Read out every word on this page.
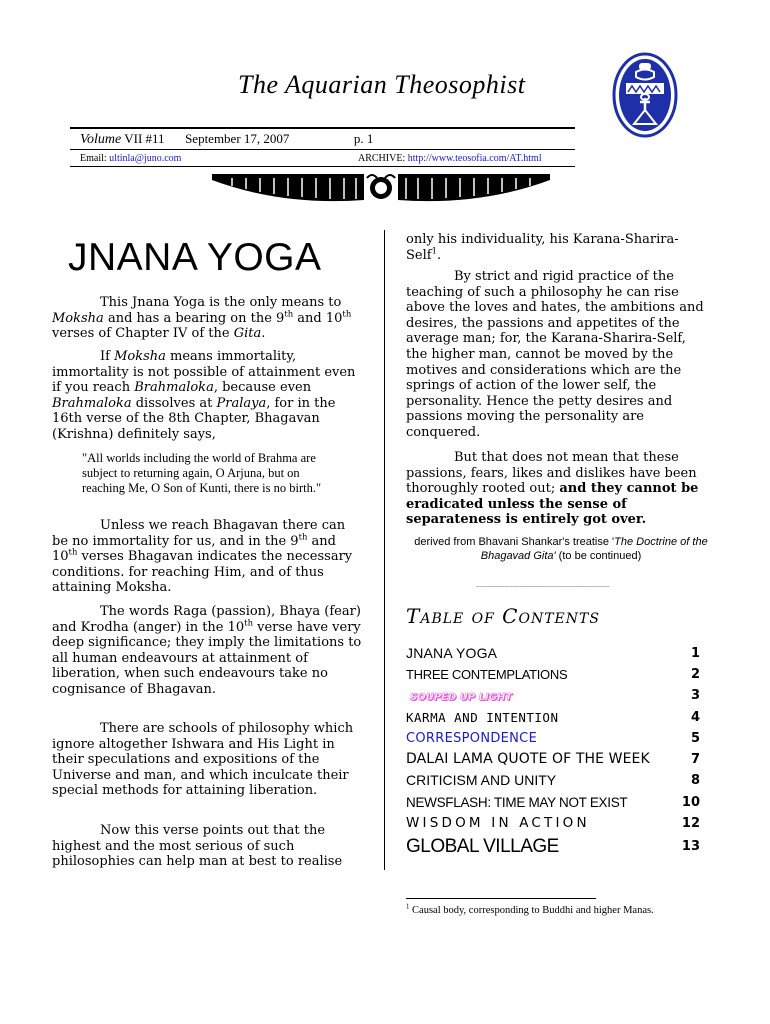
The Aquarian Theosophist
Volume VII #11 September 17, 2007	p. 1
Email: ultinla@juno.com	ARCHIVE: http://www.teosofia.com/AT.html
JNANA YOGA

This Jnana Yoga is the only means to Moksha and has a bearing on the 9th and 10th verses of Chapter IV of the Gita.

If Moksha means immortality, immortality is not possible of attainment even if you reach Brahmaloka, because even Brahmaloka dissolves at Pralaya, for in the 16th verse of the 8th Chapter, Bhagavan (Krishna) definitely says,

"All worlds including the world of Brahma are subject to returning again, O Arjuna, but on reaching Me, O Son of Kunti, there is no birth."

Unless we reach Bhagavan there can be no immortality for us, and in the 9th and 10th verses Bhagavan indicates the necessary conditions. for reaching Him, and of thus attaining Moksha.

The words Raga (passion), Bhaya (fear) and Krodha (anger) in the 10th verse have very deep significance; they imply the limitations to all human endeavours at attainment of liberation, when such endeavours take no cognisance of Bhagavan.

There are schools of philosophy which ignore altogether Ishwara and His Light in their speculations and expositions of the Universe and man, and which inculcate their special methods for attaining liberation.

Now this verse points out that the highest and the most serious of such philosophies can help man at best to realise

only his individuality, his Karana-Sharira-Self$^1$.

By strict and rigid practice of the teaching of such a philosophy he can rise above the loves and hates, the ambitions and desires, the passions and appetites of the average man; for, the Karana-Sharira-Self, the higher man, cannot be moved by the motives and considerations which are the springs of action of the lower self, the personality. Hence the petty desires and passions moving the personality are conquered.

But that does not mean that these passions, fears, likes and dislikes have been thoroughly rooted out; and they cannot be eradicated unless the sense of separateness is entirely got over.

derived from Bhavani Shankar's treatise 'The Doctrine of the Bhagavad Gita' (to be continued)
______________________________
Table of Contents
JNANA YOGA	1
THREE CONTEMPLATIONS	2
SOUPED UP LIGHT	3
KARMA AND INTENTION	4
CORRESPONDENCE	5
DALAI LAMA QUOTE OF THE WEEK	7
CRITICISM AND UNITY	8
NEWSFLASH: TIME MAY NOT EXIST	10
WISDOM IN ACTION	12
GLOBAL VILLAGE	13
$^1$ Causal body, corresponding to Buddhi and higher Manas.
